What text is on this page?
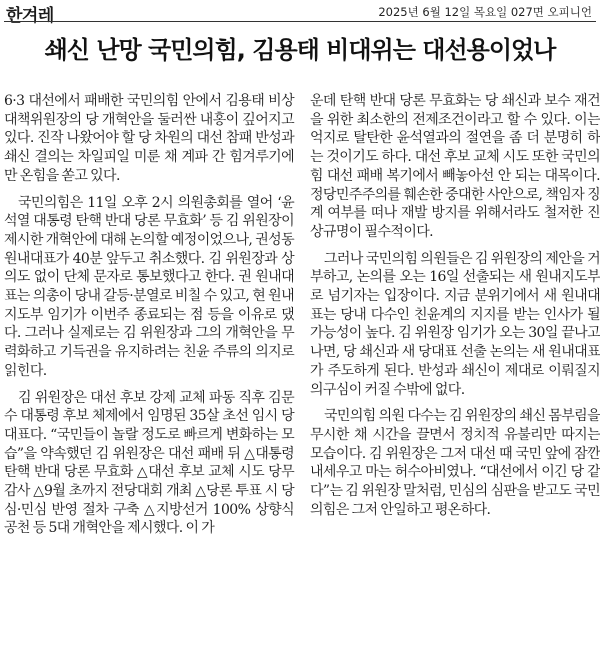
한겨레	2025년 6월 12일 목요일 027면 오피니언
쇄신 난망 국민의힘, 김용태 비대위는 대선용이었나

6·3 대선에서 패배한 국민의힘 안에서 김용태 비상대책위원장의 당 개혁안을 둘러싼 내홍이 깊어지고 있다. 진작 나왔어야 할 당 차원의 대선 참패 반성과 쇄신 결의는 차일피일 미룬 채 계파 간 힘겨루기에만 온힘을 쏟고 있다.

국민의힘은 11일 오후 2시 의원총회를 열어 ‘윤석열 대통령 탄핵 반대 당론 무효화’ 등 김 위원장이 제시한 개혁안에 대해 논의할 예정이었으나, 권성동 원내대표가 40분 앞두고 취소했다. 김 위원장과 상의도 없이 단체 문자로 통보했다고 한다. 권 원내대표는 의총이 당내 갈등·분열로 비칠 수 있고, 현 원내지도부 임기가 이번주 종료되는 점 등을 이유로 댔다. 그러나 실제로는 김 위원장과 그의 개혁안을 무력화하고 기득권을 유지하려는 친윤 주류의 의지로 읽힌다.

김 위원장은 대선 후보 강제 교체 파동 직후 김문수 대통령 후보 체제에서 임명된 35살 초선 임시 당대표다. “국민들이 놀랄 정도로 빠르게 변화하는 모습”을 약속했던 김 위원장은 대선 패배 뒤 △대통령 탄핵 반대 당론 무효화 △대선 후보 교체 시도 당무감사 △9월 초까지 전당대회 개최 △당론 투표 시 당심·민심 반영 절차 구축 △지방선거 100% 상향식 공천 등 5대 개혁안을 제시했다. 이 가

운데 탄핵 반대 당론 무효화는 당 쇄신과 보수 재건을 위한 최소한의 전제조건이라고 할 수 있다. 이는 억지로 탈탄한 윤석열과의 절연을 좀 더 분명히 하는 것이기도 하다. 대선 후보 교체 시도 또한 국민의힘 대선 패배 복기에서 빼놓아선 안 되는 대목이다. 정당민주주의를 훼손한 중대한 사안으로, 책임자 징계 여부를 떠나 재발 방지를 위해서라도 철저한 진상규명이 필수적이다.

그러나 국민의힘 의원들은 김 위원장의 제안을 거부하고, 논의를 오는 16일 선출되는 새 원내지도부로 넘기자는 입장이다. 지금 분위기에서 새 원내대표는 당내 다수인 친윤계의 지지를 받는 인사가 될 가능성이 높다. 김 위원장 임기가 오는 30일 끝나고 나면, 당 쇄신과 새 당대표 선출 논의는 새 원내대표가 주도하게 된다. 반성과 쇄신이 제대로 이뤄질지 의구심이 커질 수밖에 없다.

국민의힘 의원 다수는 김 위원장의 쇄신 몸부림을 무시한 채 시간을 끌면서 정치적 유불리만 따지는 모습이다. 김 위원장은 그저 대선 때 국민 앞에 잠깐 내세우고 마는 허수아비였나. “대선에서 이긴 당 같다”는 김 위원장 말처럼, 민심의 심판을 받고도 국민의힘은 그저 안일하고 평온하다.
